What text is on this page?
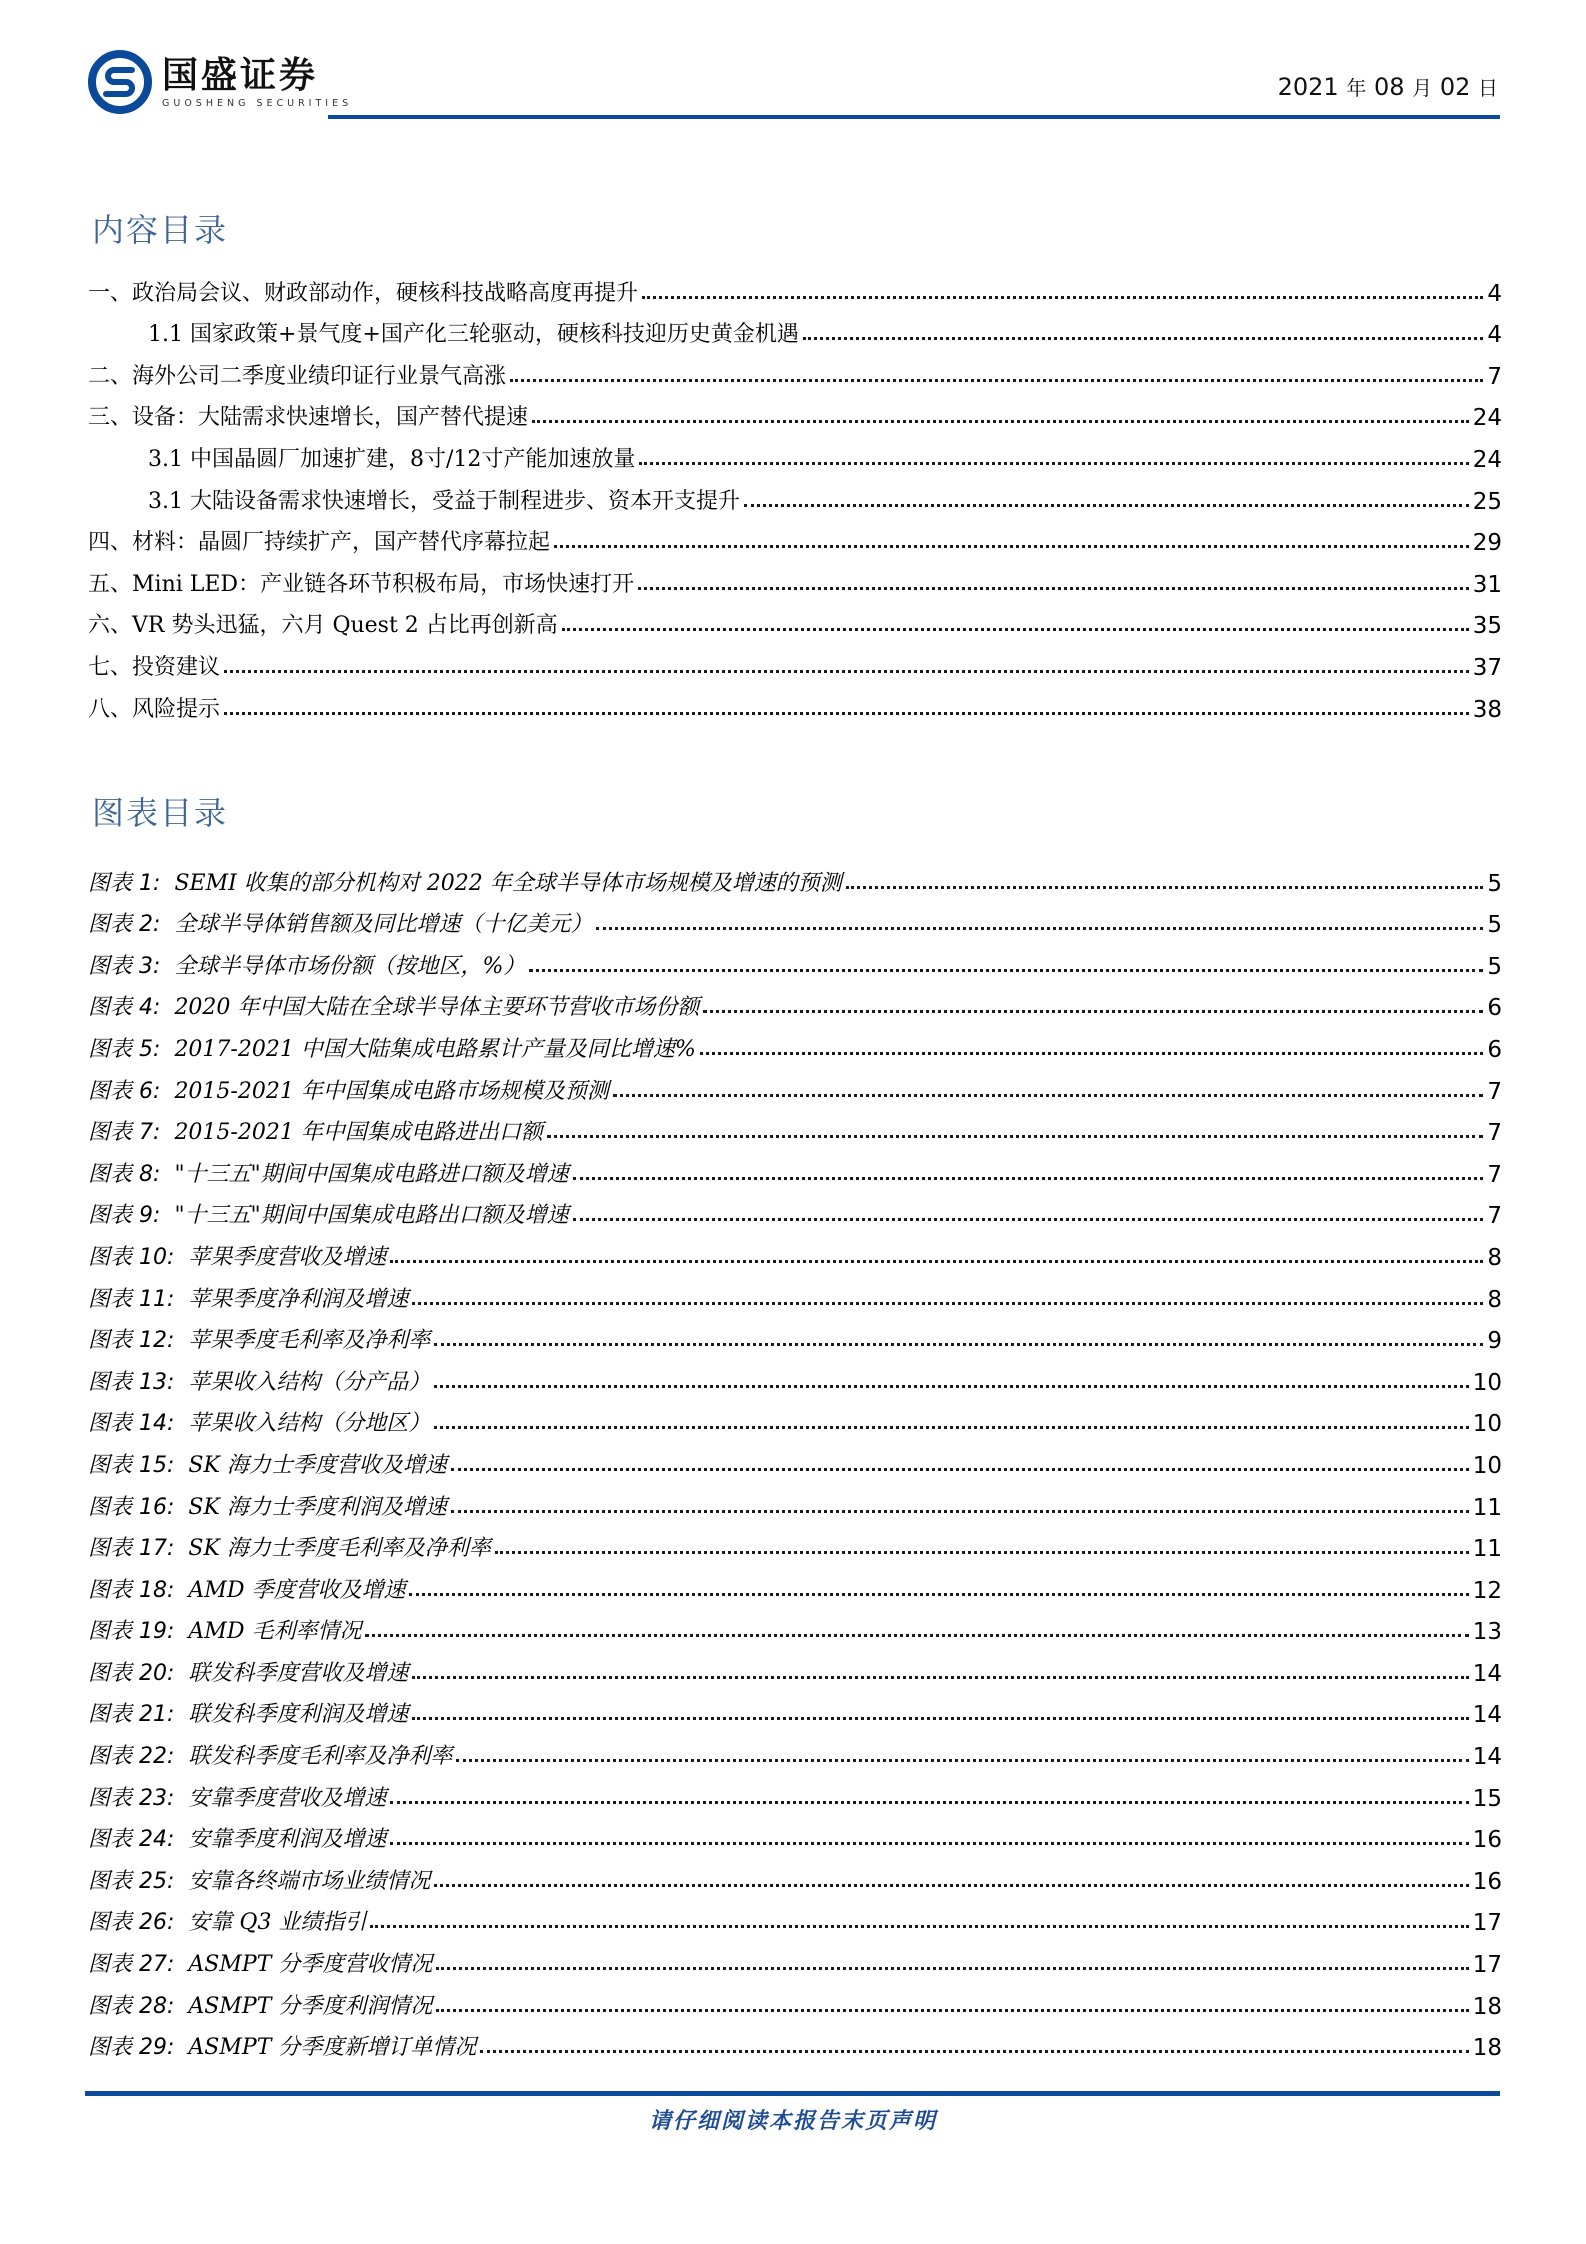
国盛证券
GUOSHENG SECURITIES
2021 年 08 月 02 日
内容目录
一、政治局会议、财政部动作，硬核科技战略高度再提升	4
1.1 国家政策+景气度+国产化三轮驱动，硬核科技迎历史黄金机遇	4
二、海外公司二季度业绩印证行业景气高涨	7
三、设备：大陆需求快速增长，国产替代提速	24
3.1 中国晶圆厂加速扩建，8寸/12寸产能加速放量	24
3.1 大陆设备需求快速增长，受益于制程进步、资本开支提升	25
四、材料：晶圆厂持续扩产，国产替代序幕拉起	29
五、Mini LED：产业链各环节积极布局，市场快速打开	31
六、VR 势头迅猛，六月 Quest 2 占比再创新高	35
七、投资建议	37
八、风险提示	38
图表目录
图表 1: SEMI 收集的部分机构对 2022 年全球半导体市场规模及增速的预测	5
图表 2: 全球半导体销售额及同比增速（十亿美元）	5
图表 3: 全球半导体市场份额（按地区，%）	5
图表 4: 2020 年中国大陆在全球半导体主要环节营收市场份额	6
图表 5: 2017-2021 中国大陆集成电路累计产量及同比增速%	6
图表 6: 2015-2021 年中国集成电路市场规模及预测	7
图表 7: 2015-2021 年中国集成电路进出口额	7
图表 8: "十三五"期间中国集成电路进口额及增速	7
图表 9: "十三五"期间中国集成电路出口额及增速	7
图表 10: 苹果季度营收及增速	8
图表 11: 苹果季度净利润及增速	8
图表 12: 苹果季度毛利率及净利率	9
图表 13: 苹果收入结构（分产品）	10
图表 14: 苹果收入结构（分地区）	10
图表 15: SK 海力士季度营收及增速	10
图表 16: SK 海力士季度利润及增速	11
图表 17: SK 海力士季度毛利率及净利率	11
图表 18: AMD 季度营收及增速	12
图表 19: AMD 毛利率情况	13
图表 20: 联发科季度营收及增速	14
图表 21: 联发科季度利润及增速	14
图表 22: 联发科季度毛利率及净利率	14
图表 23: 安靠季度营收及增速	15
图表 24: 安靠季度利润及增速	16
图表 25: 安靠各终端市场业绩情况	16
图表 26: 安靠 Q3 业绩指引	17
图表 27: ASMPT 分季度营收情况	17
图表 28: ASMPT 分季度利润情况	18
图表 29: ASMPT 分季度新增订单情况	18
请仔细阅读本报告末页声明
